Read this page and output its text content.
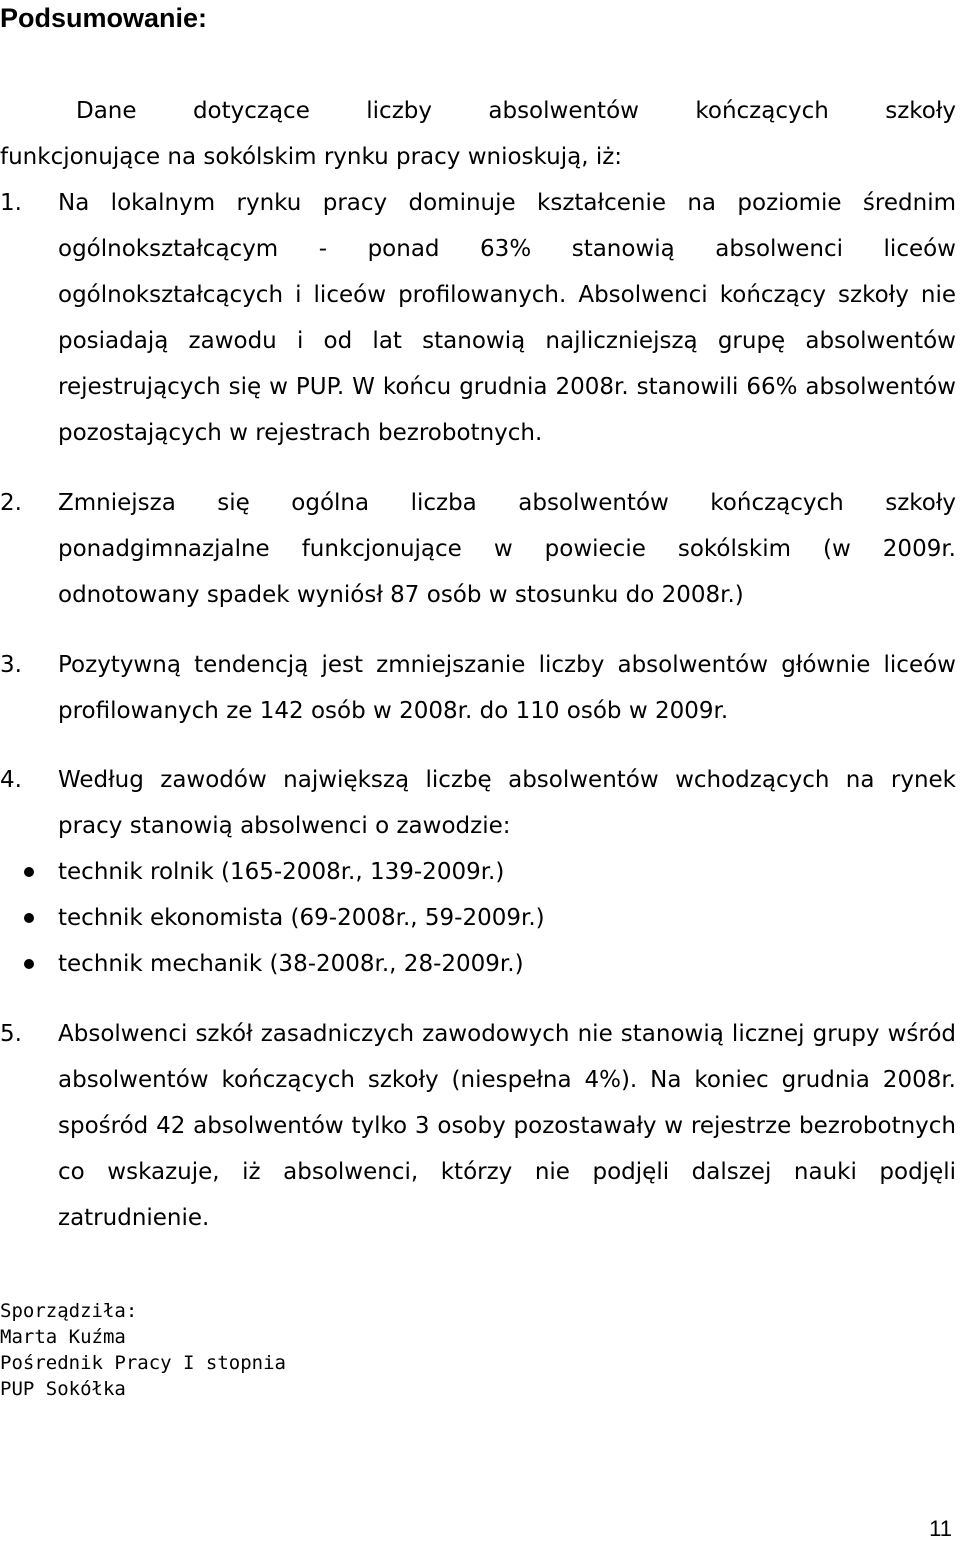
Podsumowanie:
Dane dotyczące liczby absolwentów kończących szkoły
funkcjonujące na sokólskim rynku pracy wnioskują, iż:
1. Na lokalnym rynku pracy dominuje kształcenie na poziomie średnim ogólnokształcącym - ponad 63% stanowią absolwenci liceów ogólnokształcących i liceów profilowanych. Absolwenci kończący szkoły nie posiadają zawodu i od lat stanowią najliczniejszą grupę absolwentów rejestrujących się w PUP. W końcu grudnia 2008r. stanowili 66% absolwentów pozostających w rejestrach bezrobotnych.
2. Zmniejsza się ogólna liczba absolwentów kończących szkoły ponadgimnazjalne funkcjonujące w powiecie sokólskim (w 2009r. odnotowany spadek wyniósł 87 osób w stosunku do 2008r.)
3. Pozytywną tendencją jest zmniejszanie liczby absolwentów głównie liceów profilowanych ze 142 osób w 2008r. do 110 osób w 2009r.
4. Według zawodów największą liczbę absolwentów wchodzących na rynek pracy stanowią absolwenci o zawodzie:
technik rolnik (165-2008r., 139-2009r.)
technik ekonomista (69-2008r., 59-2009r.)
technik mechanik (38-2008r., 28-2009r.)
5. Absolwenci szkół zasadniczych zawodowych nie stanowią licznej grupy wśród absolwentów kończących szkoły (niespełna 4%). Na koniec grudnia 2008r. spośród 42 absolwentów tylko 3 osoby pozostawały w rejestrze bezrobotnych co wskazuje, iż absolwenci, którzy nie podjęli dalszej nauki podjęli zatrudnienie.
Sporządziła:
Marta Kuźma
Pośrednik Pracy I stopnia
PUP Sokółka
11
